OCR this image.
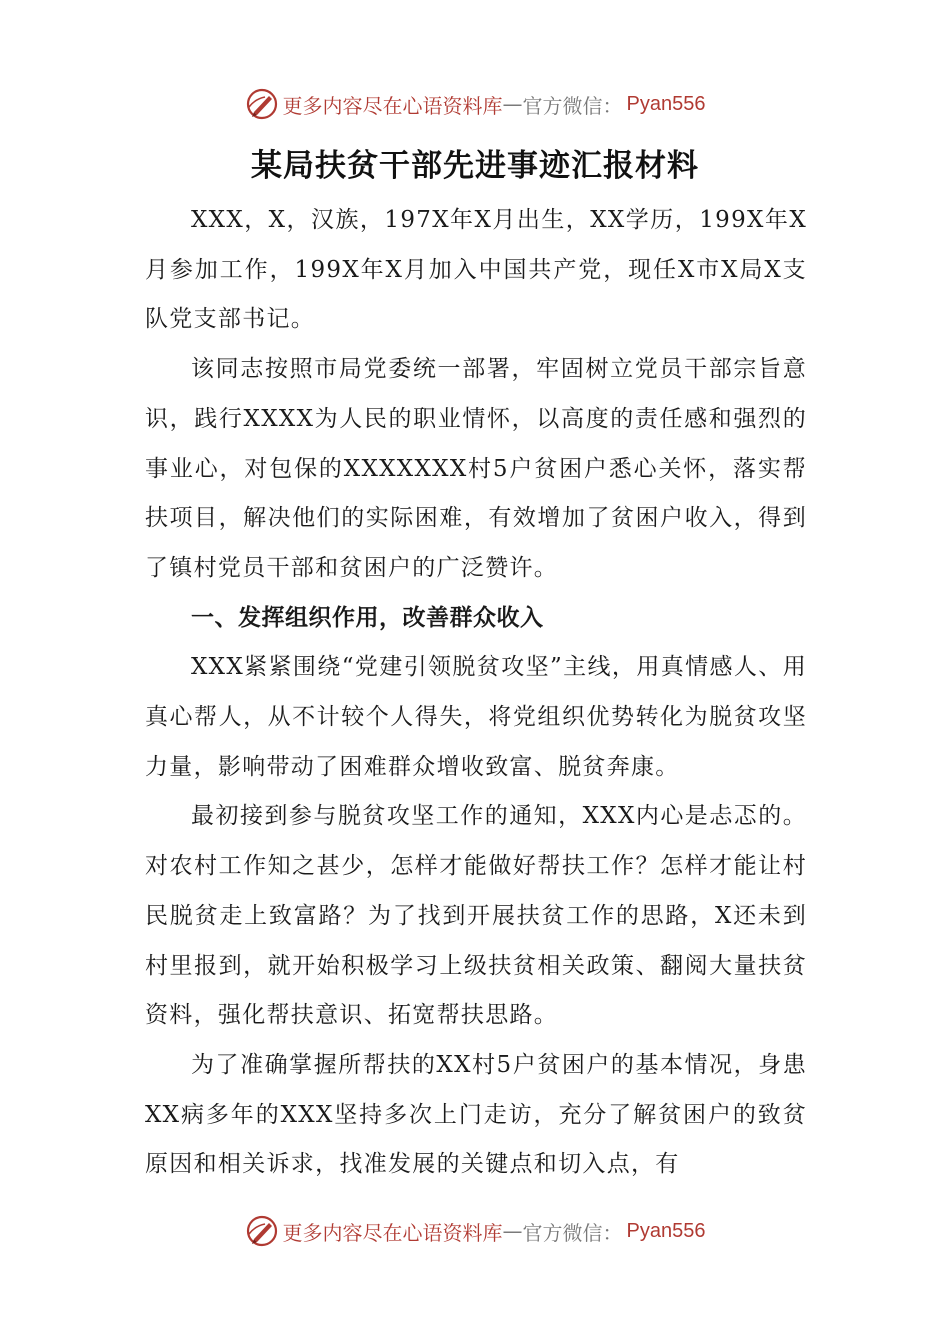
更多内容尽在心语资料库 — 官方微信： Pyan556
某局扶贫干部先进事迹汇报材料

XXX，X，汉族，197X年X月出生，XX学历，199X年X月参加工作，199X年X月加入中国共产党，现任X市X局X支队党支部书记。

该同志按照市局党委统一部署，牢固树立党员干部宗旨意识，践行XXXX为人民的职业情怀，以高度的责任感和强烈的事业心，对包保的XXXXXXX村5户贫困户悉心关怀，落实帮扶项目，解决他们的实际困难，有效增加了贫困户收入，得到了镇村党员干部和贫困户的广泛赞许。

一、发挥组织作用，改善群众收入

XXX紧紧围绕“党建引领脱贫攻坚”主线，用真情感人、用真心帮人，从不计较个人得失，将党组织优势转化为脱贫攻坚力量，影响带动了困难群众增收致富、脱贫奔康。

最初接到参与脱贫攻坚工作的通知，XXX内心是忐忑的。对农村工作知之甚少，怎样才能做好帮扶工作？怎样才能让村民脱贫走上致富路？为了找到开展扶贫工作的思路，X还未到村里报到，就开始积极学习上级扶贫相关政策、翻阅大量扶贫资料，强化帮扶意识、拓宽帮扶思路。

为了准确掌握所帮扶的XX村5户贫困户的基本情况，身患XX病多年的XXX坚持多次上门走访，充分了解贫困户的致贫原因和相关诉求，找准发展的关键点和切入点，有

更多内容尽在心语资料库 — 官方微信： Pyan556
